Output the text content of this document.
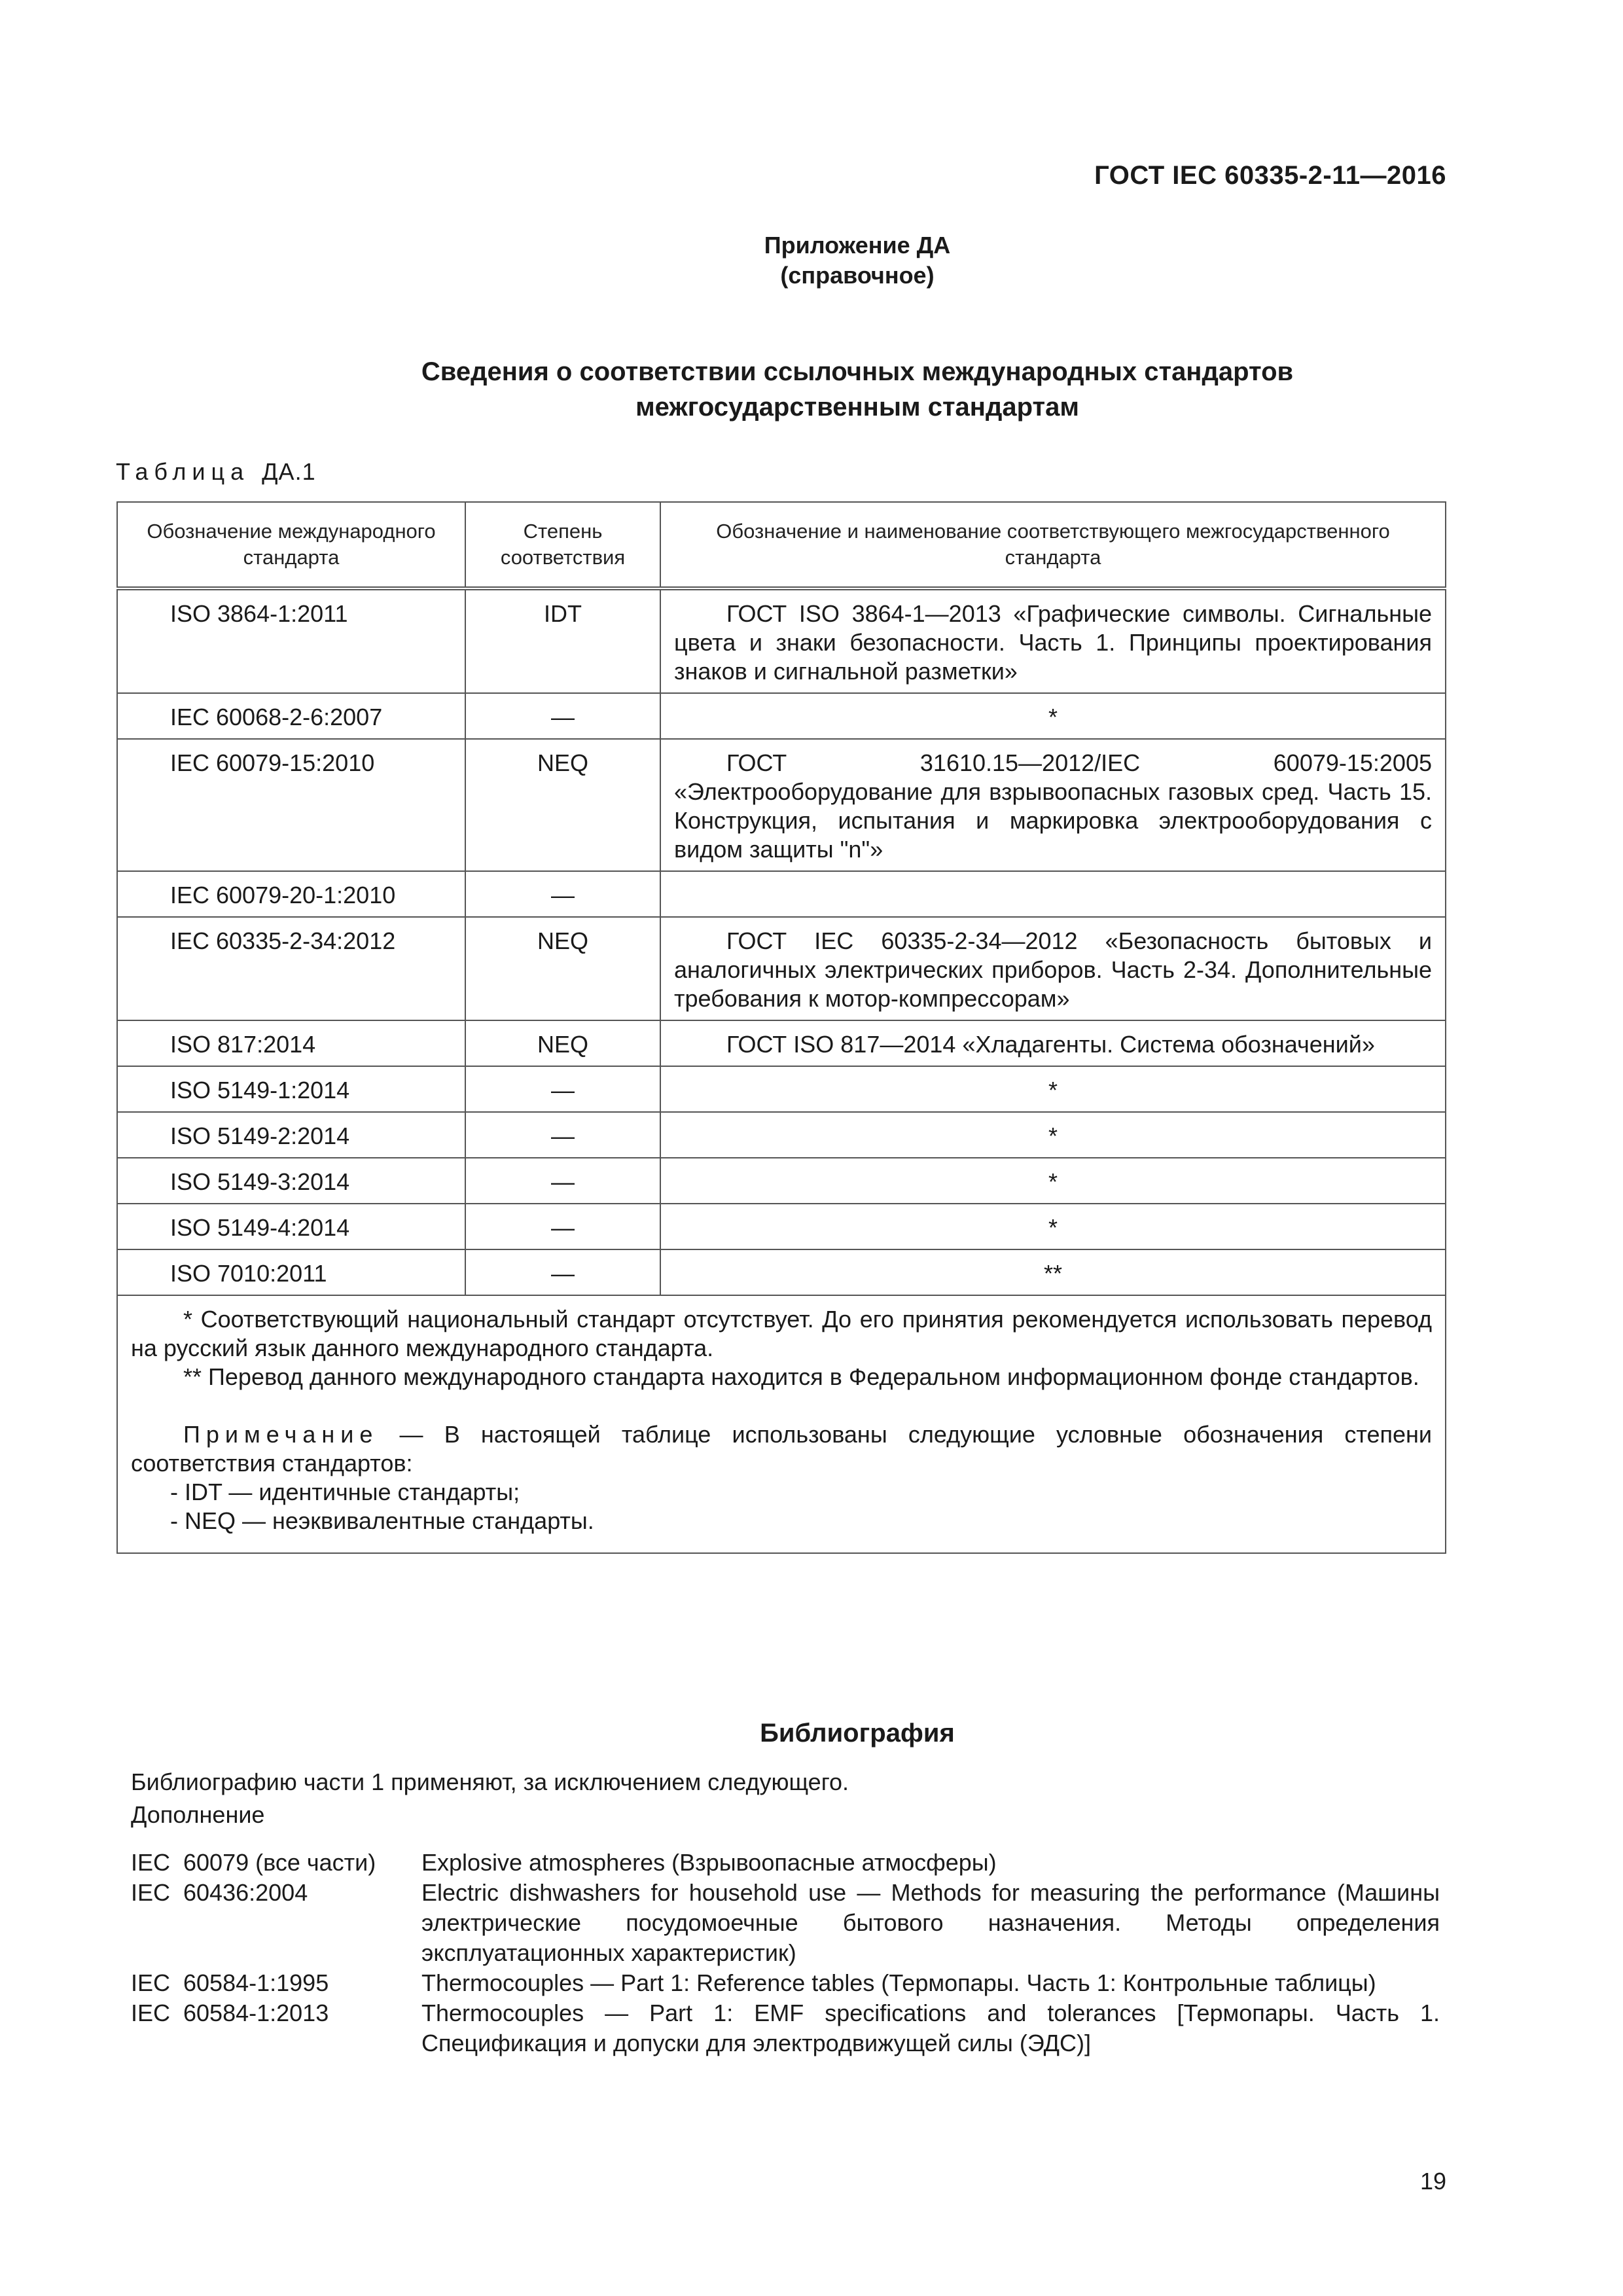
ГОСТ IEC 60335-2-11—2016
Приложение ДА
(справочное)
Сведения о соответствии ссылочных международных стандартов
межгосударственным стандартам
Таблица ДА.1
Обозначение международного стандарта	Степень соответствия	Обозначение и наименование соответствующего межгосударственного стандарта
ISO 3864-1:2011	IDT	ГОСТ ISO 3864-1—2013 «Графические символы. Сигнальные цвета и знаки безопасности. Часть 1. Принципы проектирования знаков и сигнальной разметки»
IEC 60068-2-6:2007	—	*
IEC 60079-15:2010	NEQ	ГОСТ 31610.15—2012/IEC 60079-15:2005 «Электрооборудование для взрывоопасных газовых сред. Часть 15. Конструкция, испытания и маркировка электрооборудования с видом защиты "n"»
IEC 60079-20-1:2010	—	
IEC 60335-2-34:2012	NEQ	ГОСТ IEC 60335-2-34—2012 «Безопасность бытовых и аналогичных электрических приборов. Часть 2-34. Дополнительные требования к мотор-компрессорам»
ISO 817:2014	NEQ	ГОСТ ISO 817—2014 «Хладагенты. Система обозначений»
ISO 5149-1:2014	—	*
ISO 5149-2:2014	—	*
ISO 5149-3:2014	—	*
ISO 5149-4:2014	—	*
ISO 7010:2011	—	**

* Соответствующий национальный стандарт отсутствует. До его принятия рекомендуется использовать перевод на русский язык данного международного стандарта.

** Перевод данного международного стандарта находится в Федеральном информационном фонде стандартов.

Примечание — В настоящей таблице использованы следующие условные обозначения степени соответствия стандартов:

- IDT — идентичные стандарты;

- NEQ — неэквивалентные стандарты.		

Библиография
Библиографию части 1 применяют, за исключением следующего.
Дополнение
IEC  60079 (все части)	Explosive atmospheres (Взрывоопасные атмосферы)
IEC  60436:2004	Electric dishwashers for household use — Methods for measuring the performance (Машины электрические посудомоечные бытового назначения. Методы определения эксплуатационных характеристик)
IEC  60584-1:1995	Thermocouples — Part 1: Reference tables (Термопары. Часть 1: Контрольные таблицы)
IEC  60584-1:2013	Thermocouples — Part 1: EMF specifications and tolerances [Термопары. Часть 1. Спецификация и допуски для электродвижущей силы (ЭДС)]
19
